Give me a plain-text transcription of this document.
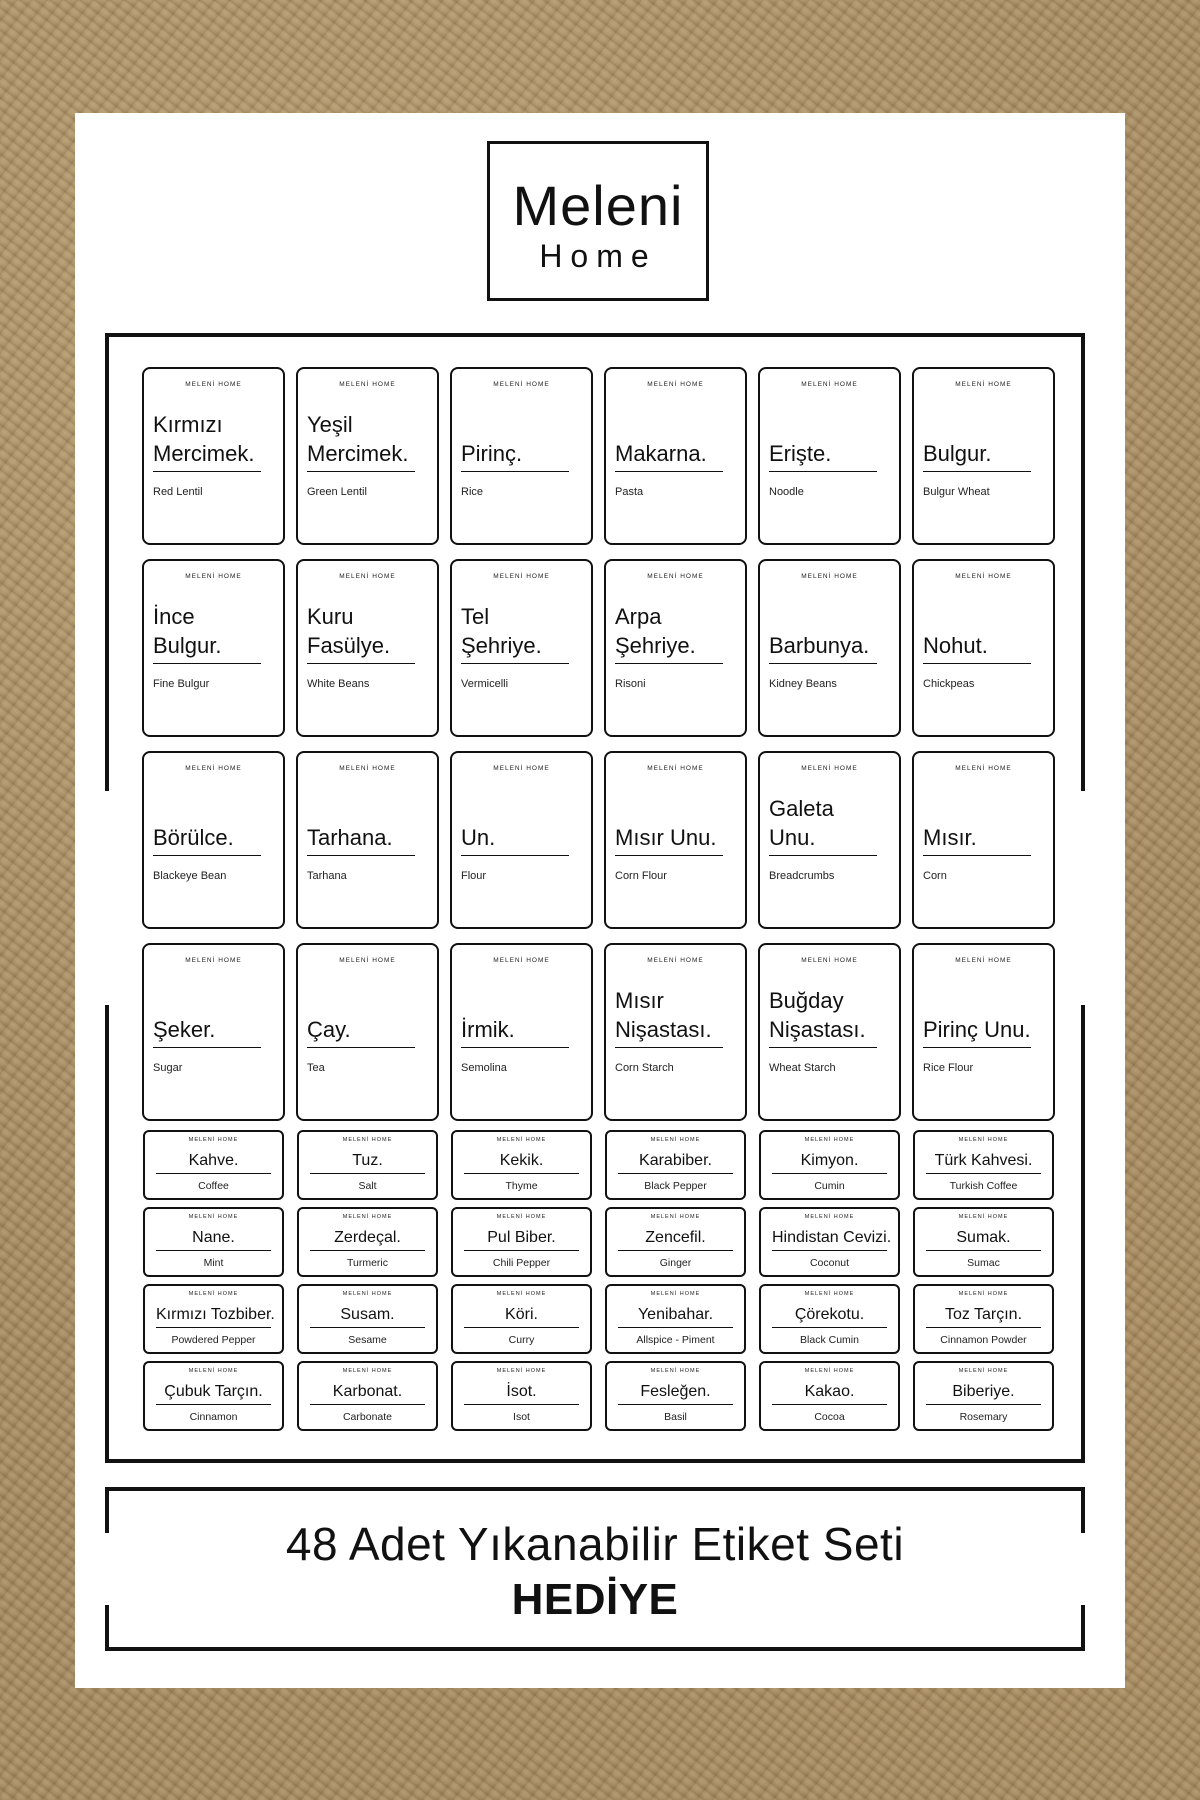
Meleni
Home
MELENİ HOME
Kırmızı Mercimek.
Red Lentil
MELENİ HOME
Yeşil Mercimek.
Green Lentil
MELENİ HOME
Pirinç.
Rice
MELENİ HOME
Makarna.
Pasta
MELENİ HOME
Erişte.
Noodle
MELENİ HOME
Bulgur.
Bulgur Wheat
MELENİ HOME
İnce Bulgur.
Fine Bulgur
MELENİ HOME
Kuru Fasülye.
White Beans
MELENİ HOME
Tel Şehriye.
Vermicelli
MELENİ HOME
Arpa Şehriye.
Risoni
MELENİ HOME
Barbunya.
Kidney Beans
MELENİ HOME
Nohut.
Chickpeas
MELENİ HOME
Börülce.
Blackeye Bean
MELENİ HOME
Tarhana.
Tarhana
MELENİ HOME
Un.
Flour
MELENİ HOME
Mısır Unu.
Corn Flour
MELENİ HOME
Galeta Unu.
Breadcrumbs
MELENİ HOME
Mısır.
Corn
MELENİ HOME
Şeker.
Sugar
MELENİ HOME
Çay.
Tea
MELENİ HOME
İrmik.
Semolina
MELENİ HOME
Mısır Nişastası.
Corn Starch
MELENİ HOME
Buğday Nişastası.
Wheat Starch
MELENİ HOME
Pirinç Unu.
Rice Flour
MELENİ HOME
Kahve.
Coffee
MELENİ HOME
Tuz.
Salt
MELENİ HOME
Kekik.
Thyme
MELENİ HOME
Karabiber.
Black Pepper
MELENİ HOME
Kimyon.
Cumin
MELENİ HOME
Türk Kahvesi.
Turkish Coffee
MELENİ HOME
Nane.
Mint
MELENİ HOME
Zerdeçal.
Turmeric
MELENİ HOME
Pul Biber.
Chili Pepper
MELENİ HOME
Zencefil.
Ginger
MELENİ HOME
Hindistan Cevizi.
Coconut
MELENİ HOME
Sumak.
Sumac
MELENİ HOME
Kırmızı Tozbiber.
Powdered Pepper
MELENİ HOME
Susam.
Sesame
MELENİ HOME
Köri.
Curry
MELENİ HOME
Yenibahar.
Allspice - Piment
MELENİ HOME
Çörekotu.
Black Cumin
MELENİ HOME
Toz Tarçın.
Cinnamon Powder
MELENİ HOME
Çubuk Tarçın.
Cinnamon
MELENİ HOME
Karbonat.
Carbonate
MELENİ HOME
İsot.
Isot
MELENİ HOME
Fesleğen.
Basil
MELENİ HOME
Kakao.
Cocoa
MELENİ HOME
Biberiye.
Rosemary
48 Adet Yıkanabilir Etiket Seti
HEDİYE
